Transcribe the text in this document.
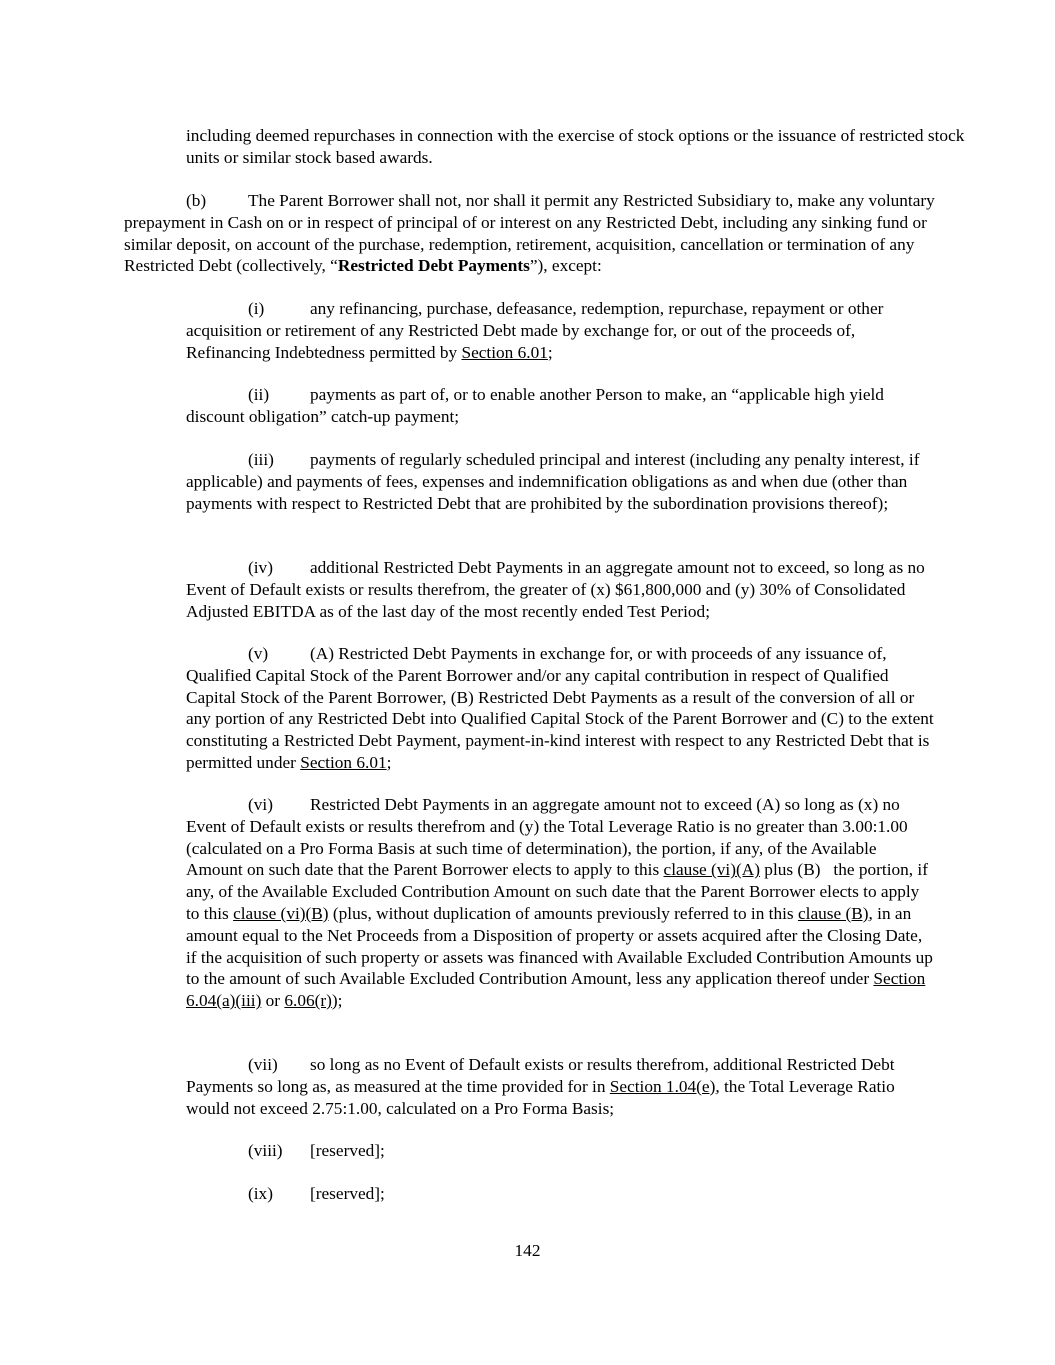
including deemed repurchases in connection with the exercise of stock options or the issuance of restricted stock units or similar stock based awards.

(b) The Parent Borrower shall not, nor shall it permit any Restricted Subsidiary to, make any voluntary prepayment in Cash on or in respect of principal of or interest on any Restricted Debt, including any sinking fund or similar deposit, on account of the purchase, redemption, retirement, acquisition, cancellation or termination of any Restricted Debt (collectively, “Restricted Debt Payments”), except:

(i)	any refinancing, purchase, defeasance, redemption, repurchase, repayment or other acquisition or retirement of any Restricted Debt made by exchange for, or out of the proceeds of, Refinancing Indebtedness permitted by Section 6.01;

(ii) payments as part of, or to enable another Person to make, an “applicable high yield discount obligation” catch-up payment;

(iii) payments of regularly scheduled principal and interest (including any penalty interest, if applicable) and payments of fees, expenses and indemnification obligations as and when due (other than payments with respect to Restricted Debt that are prohibited by the subordination provisions thereof);

(iv) additional Restricted Debt Payments in an aggregate amount not to exceed, so long as no Event of Default exists or results therefrom, the greater of (x) $61,800,000 and (y) 30% of Consolidated Adjusted EBITDA as of the last day of the most recently ended Test Period;

(v) (A) Restricted Debt Payments in exchange for, or with proceeds of any issuance of, Qualified Capital Stock of the Parent Borrower and/or any capital contribution in respect of Qualified Capital Stock of the Parent Borrower, (B) Restricted Debt Payments as a result of the conversion of all or any portion of any Restricted Debt into Qualified Capital Stock of the Parent Borrower and (C) to the extent constituting a Restricted Debt Payment, payment-in-kind interest with respect to any Restricted Debt that is permitted under Section 6.01;

(vi) Restricted Debt Payments in an aggregate amount not to exceed (A) so long as (x) no Event of Default exists or results therefrom and (y) the Total Leverage Ratio is no greater than 3.00:1.00 (calculated on a Pro Forma Basis at such time of determination), the portion, if any, of the Available Amount on such date that the Parent Borrower elects to apply to this clause (vi)(A) plus (B)   the portion, if any, of the Available Excluded Contribution Amount on such date that the Parent Borrower elects to apply to this clause (vi)(B) (plus, without duplication of amounts previously referred to in this clause (B), in an amount equal to the Net Proceeds from a Disposition of property or assets acquired after the Closing Date, if the acquisition of such property or assets was financed with Available Excluded Contribution Amounts up to the amount of such Available Excluded Contribution Amount, less any application thereof under Section 6.04(a)(iii) or 6.06(r));

(vii) so long as no Event of Default exists or results therefrom, additional Restricted Debt Payments so long as, as measured at the time provided for in Section 1.04(e), the Total Leverage Ratio would not exceed 2.75:1.00, calculated on a Pro Forma Basis;

(viii) [reserved];

(ix) [reserved];

142
